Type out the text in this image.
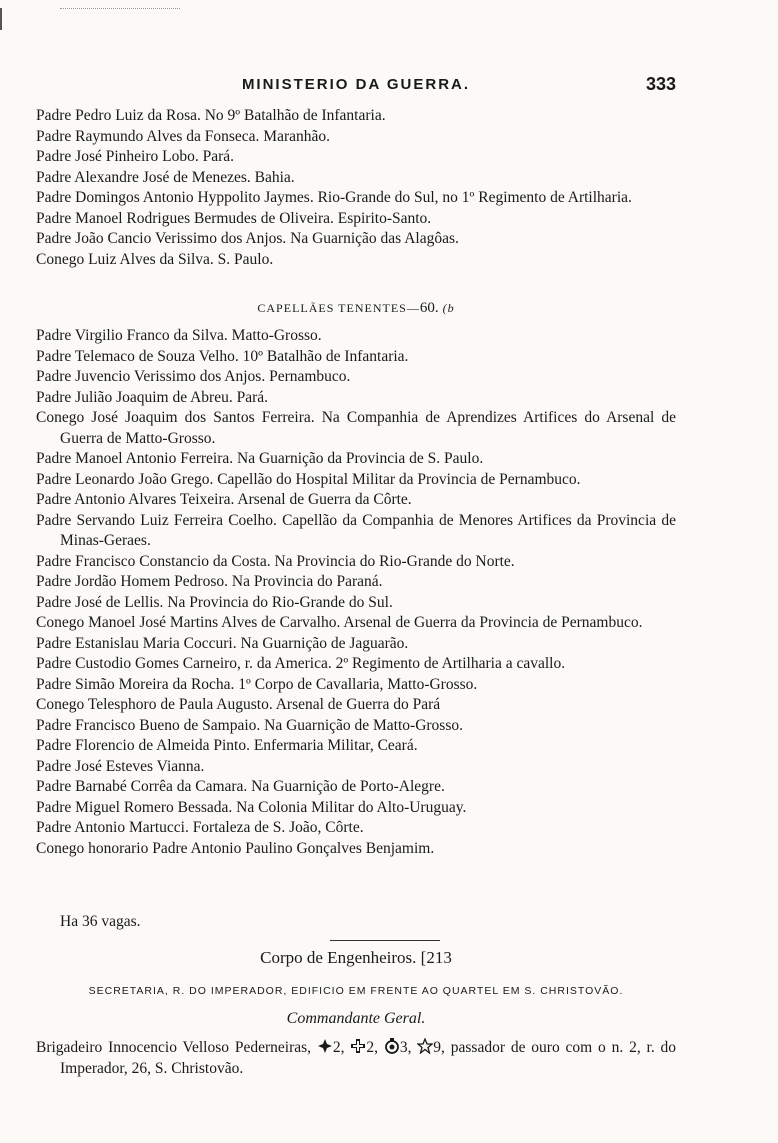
MINISTERIO DA GUERRA.	333
Padre Pedro Luiz da Rosa. No 9º Batalhão de Infantaria.
Padre Raymundo Alves da Fonseca. Maranhão.
Padre José Pinheiro Lobo. Pará.
Padre Alexandre José de Menezes. Bahia.
Padre Domingos Antonio Hyppolito Jaymes. Rio-Grande do Sul, no 1º Regimento de Artilharia.
Padre Manoel Rodrigues Bermudes de Oliveira. Espirito-Santo.
Padre João Cancio Verissimo dos Anjos. Na Guarnição das Alagôas.
Conego Luiz Alves da Silva. S. Paulo.
CAPELLÃES TENENTES—60. (b
Padre Virgilio Franco da Silva. Matto-Grosso.
Padre Telemaco de Souza Velho. 10º Batalhão de Infantaria.
Padre Juvencio Verissimo dos Anjos. Pernambuco.
Padre Julião Joaquim de Abreu. Pará.
Conego José Joaquim dos Santos Ferreira. Na Companhia de Aprendizes Artifices do Arsenal de Guerra de Matto-Grosso.
Padre Manoel Antonio Ferreira. Na Guarnição da Provincia de S. Paulo.
Padre Leonardo João Grego. Capellão do Hospital Militar da Provincia de Pernambuco.
Padre Antonio Alvares Teixeira. Arsenal de Guerra da Côrte.
Padre Servando Luiz Ferreira Coelho. Capellão da Companhia de Menores Artifices da Provincia de Minas-Geraes.
Padre Francisco Constancio da Costa. Na Provincia do Rio-Grande do Norte.
Padre Jordão Homem Pedroso. Na Provincia do Paraná.
Padre José de Lellis. Na Provincia do Rio-Grande do Sul.
Conego Manoel José Martins Alves de Carvalho. Arsenal de Guerra da Provincia de Pernambuco.
Padre Estanislau Maria Coccuri. Na Guarnição de Jaguarão.
Padre Custodio Gomes Carneiro, r. da America. 2º Regimento de Artilharia a cavallo.
Padre Simão Moreira da Rocha. 1º Corpo de Cavallaria, Matto-Grosso.
Conego Telesphoro de Paula Augusto. Arsenal de Guerra do Pará
Padre Francisco Bueno de Sampaio. Na Guarnição de Matto-Grosso.
Padre Florencio de Almeida Pinto. Enfermaria Militar, Ceará.
Padre José Esteves Vianna.
Padre Barnabé Corrêa da Camara. Na Guarnição de Porto-Alegre.
Padre Miguel Romero Bessada. Na Colonia Militar do Alto-Uruguay.
Padre Antonio Martucci. Fortaleza de S. João, Côrte.
Conego honorario Padre Antonio Paulino Gonçalves Benjamim.
Ha 36 vagas.
Corpo de Engenheiros. [213
SECRETARIA, R. DO IMPERADOR, EDIFICIO EM FRENTE AO QUARTEL EM S. CHRISTOVÃO.
Commandante Geral.
Brigadeiro Innocencio Velloso Pederneiras, 2, 2, 3, 9, passador de ouro com o n. 2, r. do Imperador, 26, S. Christovão.
